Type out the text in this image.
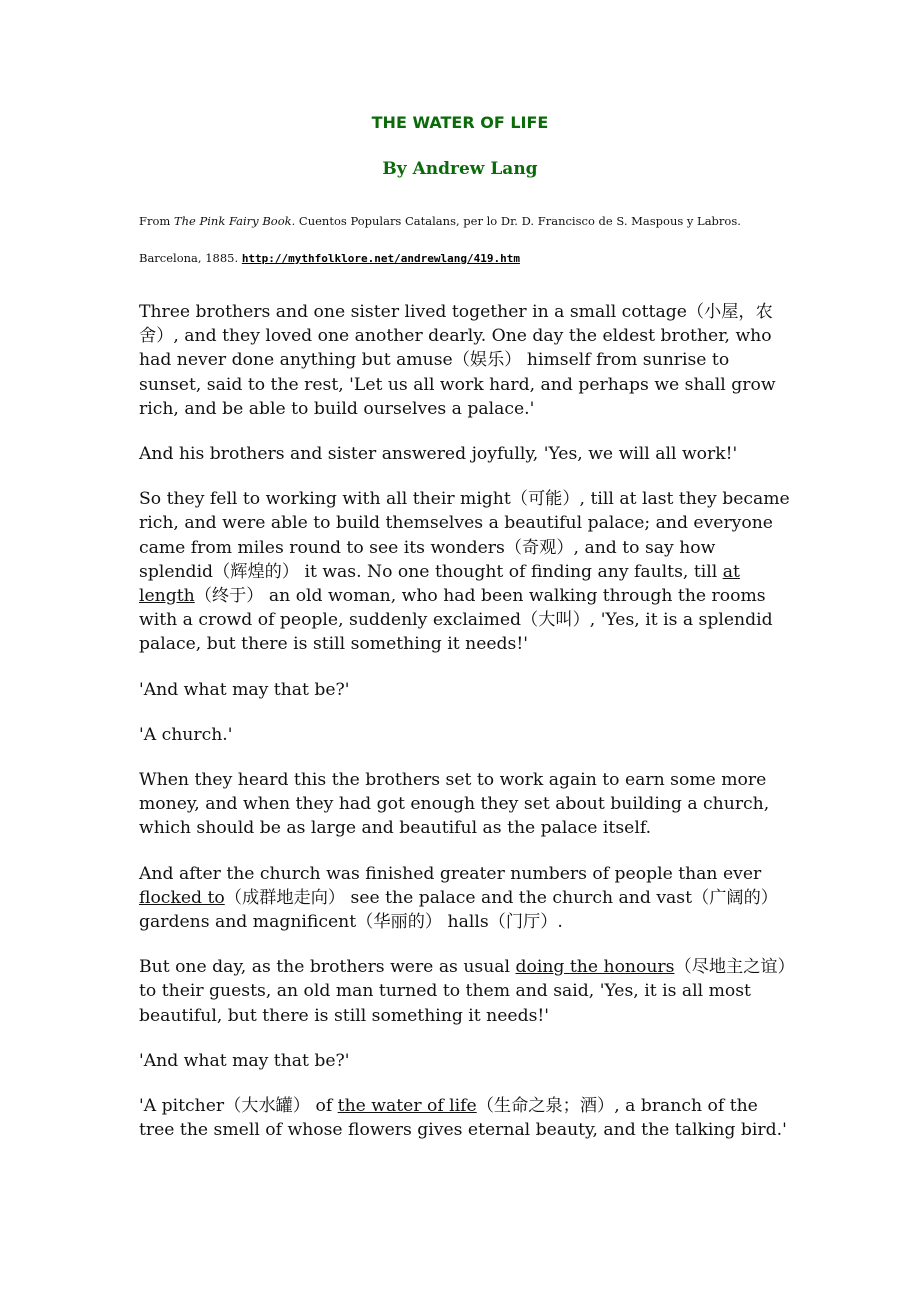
THE WATER OF LIFE
By Andrew Lang
From The Pink Fairy Book. Cuentos Populars Catalans, per lo Dr. D. Francisco de S. Maspous y Labros.
Barcelona, 1885. http://mythfolklore.net/andrewlang/419.htm

Three brothers and one sister lived together in a small cottage（小屋，农舍）, and they loved one another dearly. One day the eldest brother, who had never done anything but amuse（娱乐） himself from sunrise to sunset, said to the rest, 'Let us all work hard, and perhaps we shall grow rich, and be able to build ourselves a palace.'

And his brothers and sister answered joyfully, 'Yes, we will all work!'

So they fell to working with all their might（可能）, till at last they became rich, and were able to build themselves a beautiful palace; and everyone came from miles round to see its wonders（奇观）, and to say how splendid（辉煌的） it was. No one thought of finding any faults, till at length（终于） an old woman, who had been walking through the rooms with a crowd of people, suddenly exclaimed（大叫）, 'Yes, it is a splendid palace, but there is still something it needs!'

'And what may that be?'

'A church.'

When they heard this the brothers set to work again to earn some more money, and when they had got enough they set about building a church, which should be as large and beautiful as the palace itself.

And after the church was finished greater numbers of people than ever flocked to（成群地走向） see the palace and the church and vast（广阔的） gardens and magnificent（华丽的） halls（门厅）.

But one day, as the brothers were as usual doing the honours（尽地主之谊）to their guests, an old man turned to them and said, 'Yes, it is all most beautiful, but there is still something it needs!'

'And what may that be?'

'A pitcher（大水罐） of the water of life（生命之泉；酒）, a branch of the tree the smell of whose flowers gives eternal beauty, and the talking bird.'
